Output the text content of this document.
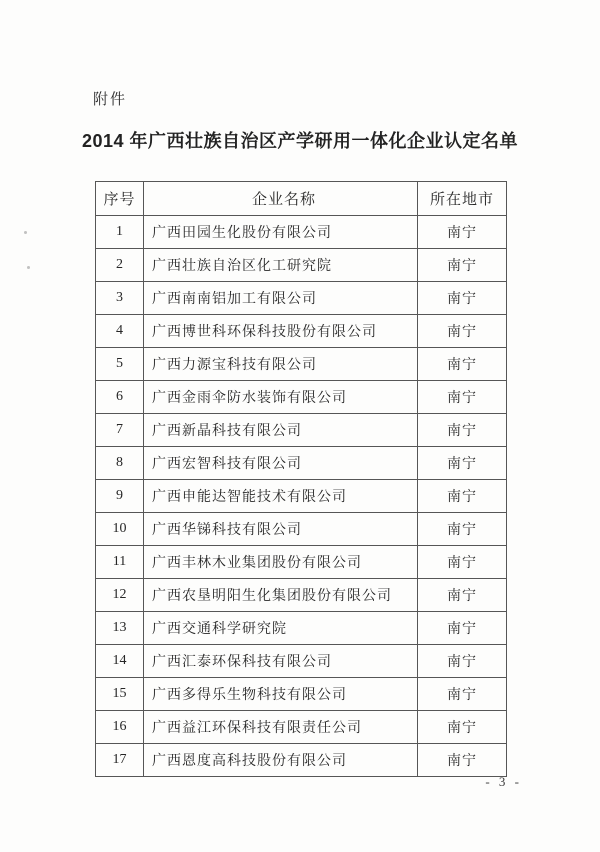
附件
2014 年广西壮族自治区产学研用一体化企业认定名单
序号	企业名称	所在地市
1	广西田园生化股份有限公司	南宁
2	广西壮族自治区化工研究院	南宁
3	广西南南铝加工有限公司	南宁
4	广西博世科环保科技股份有限公司	南宁
5	广西力源宝科技有限公司	南宁
6	广西金雨伞防水装饰有限公司	南宁
7	广西新晶科技有限公司	南宁
8	广西宏智科技有限公司	南宁
9	广西申能达智能技术有限公司	南宁
10	广西华锑科技有限公司	南宁
11	广西丰林木业集团股份有限公司	南宁
12	广西农垦明阳生化集团股份有限公司	南宁
13	广西交通科学研究院	南宁
14	广西汇泰环保科技有限公司	南宁
15	广西多得乐生物科技有限公司	南宁
16	广西益江环保科技有限责任公司	南宁
17	广西恩度高科技股份有限公司	南宁
- 3 -
